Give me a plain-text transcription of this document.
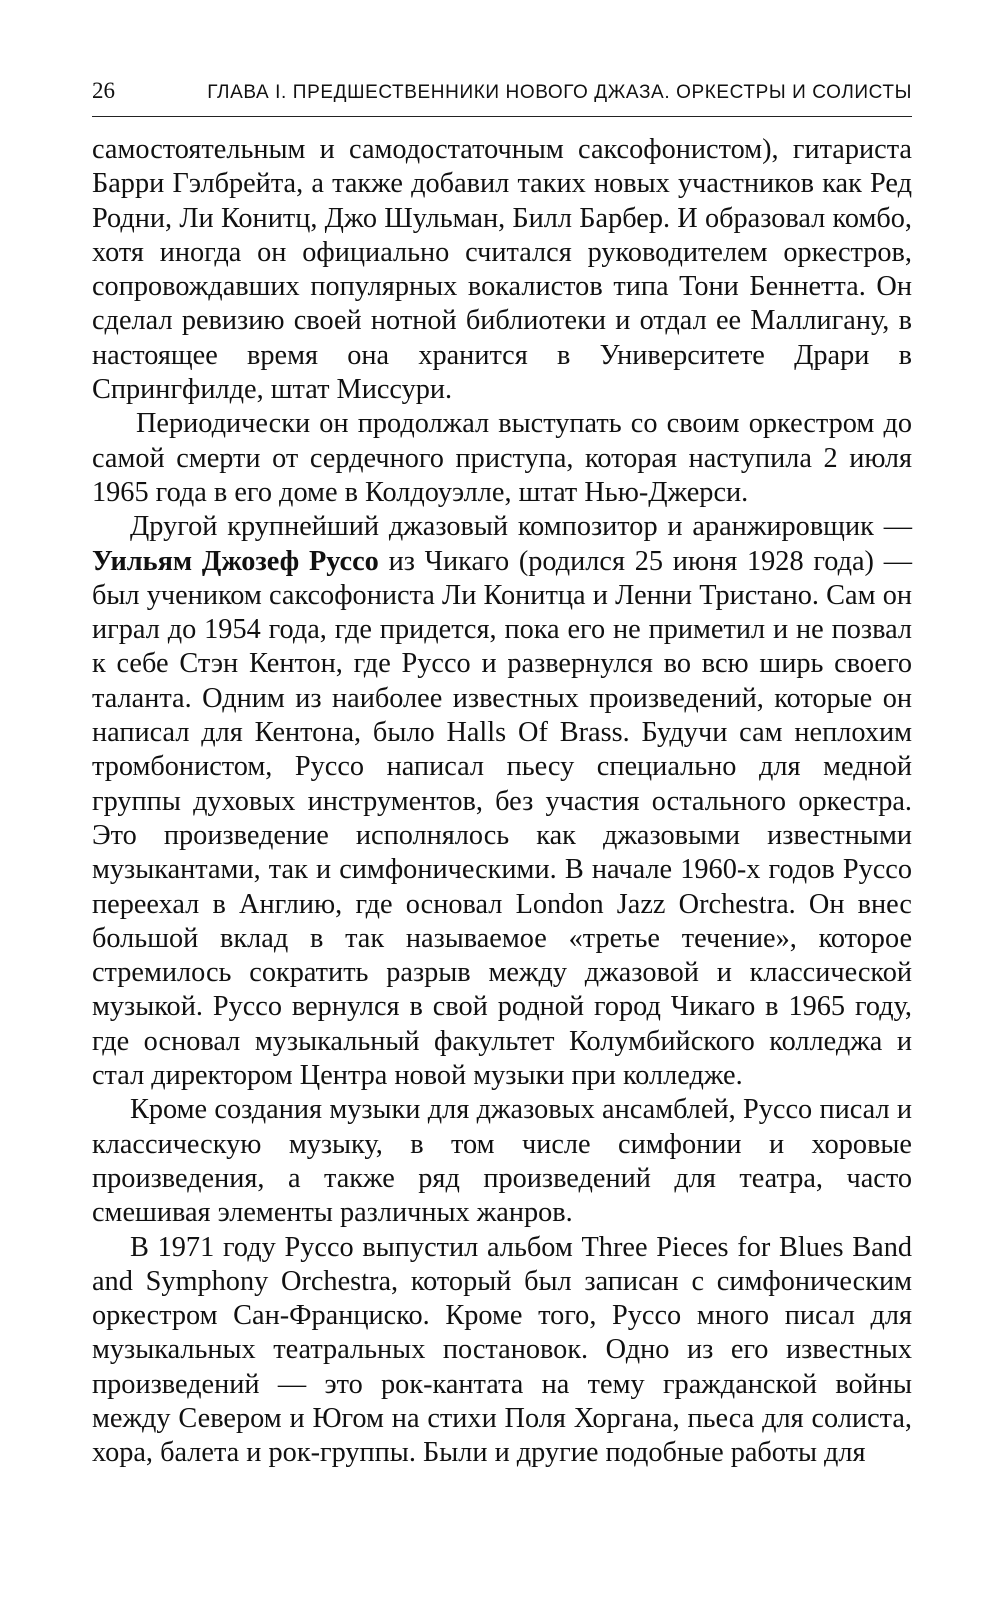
26	ГЛАВА I. ПРЕДШЕСТВЕННИКИ НОВОГО ДЖАЗА. ОРКЕСТРЫ И СОЛИСТЫ

самостоятельным и самодостаточным саксофонистом), гитариста Барри Гэлбрейта, а также добавил таких новых участников как Ред Родни, Ли Конитц, Джо Шульман, Билл Барбер. И образовал комбо, хотя иногда он официально считался руководителем оркестров, сопровождавших популярных вокалистов типа Тони Беннетта. Он сделал ревизию своей нотной библиотеки и отдал ее Маллигану, в настоящее время она хранится в Университете Драри в Спрингфилде, штат Миссури.

Периодически он продолжал выступать со своим оркестром до самой смерти от сердечного приступа, которая наступила 2 июля 1965 года в его доме в Колдоуэлле, штат Нью-Джерси.

Другой крупнейший джазовый композитор и аранжировщик — Уильям Джозеф Руссо из Чикаго (родился 25 июня 1928 года) — был учеником саксофониста Ли Конитца и Ленни Тристано. Сам он играл до 1954 года, где придется, пока его не приметил и не позвал к себе Стэн Кентон, где Руссо и развернулся во всю ширь своего таланта. Одним из наиболее известных произведений, которые он написал для Кентона, было Halls Of Brass. Будучи сам неплохим тромбонистом, Руссо написал пьесу специально для медной группы духовых инструментов, без участия остального оркестра. Это произведение исполнялось как джазовыми известными музыкантами, так и симфоническими. В начале 1960-х годов Руссо переехал в Англию, где основал London Jazz Orchestra. Он внес большой вклад в так называемое «третье течение», которое стремилось сократить разрыв между джазовой и классической музыкой. Руссо вернулся в свой родной город Чикаго в 1965 году, где основал музыкальный факультет Колумбийского колледжа и стал директором Центра новой музыки при колледже.

Кроме создания музыки для джазовых ансамблей, Руссо писал и классическую музыку, в том числе симфонии и хоровые произведения, а также ряд произведений для театра, часто смешивая элементы различных жанров.

В 1971 году Руссо выпустил альбом Three Pieces for Blues Band and Symphony Orchestra, который был записан с симфоническим оркестром Сан-Франциско. Кроме того, Руссо много писал для музыкальных театральных постановок. Одно из его известных произведений — это рок-кантата на тему гражданской войны между Севером и Югом на стихи Поля Хоргана, пьеса для солиста, хора, балета и рок-группы. Были и другие подобные работы для
